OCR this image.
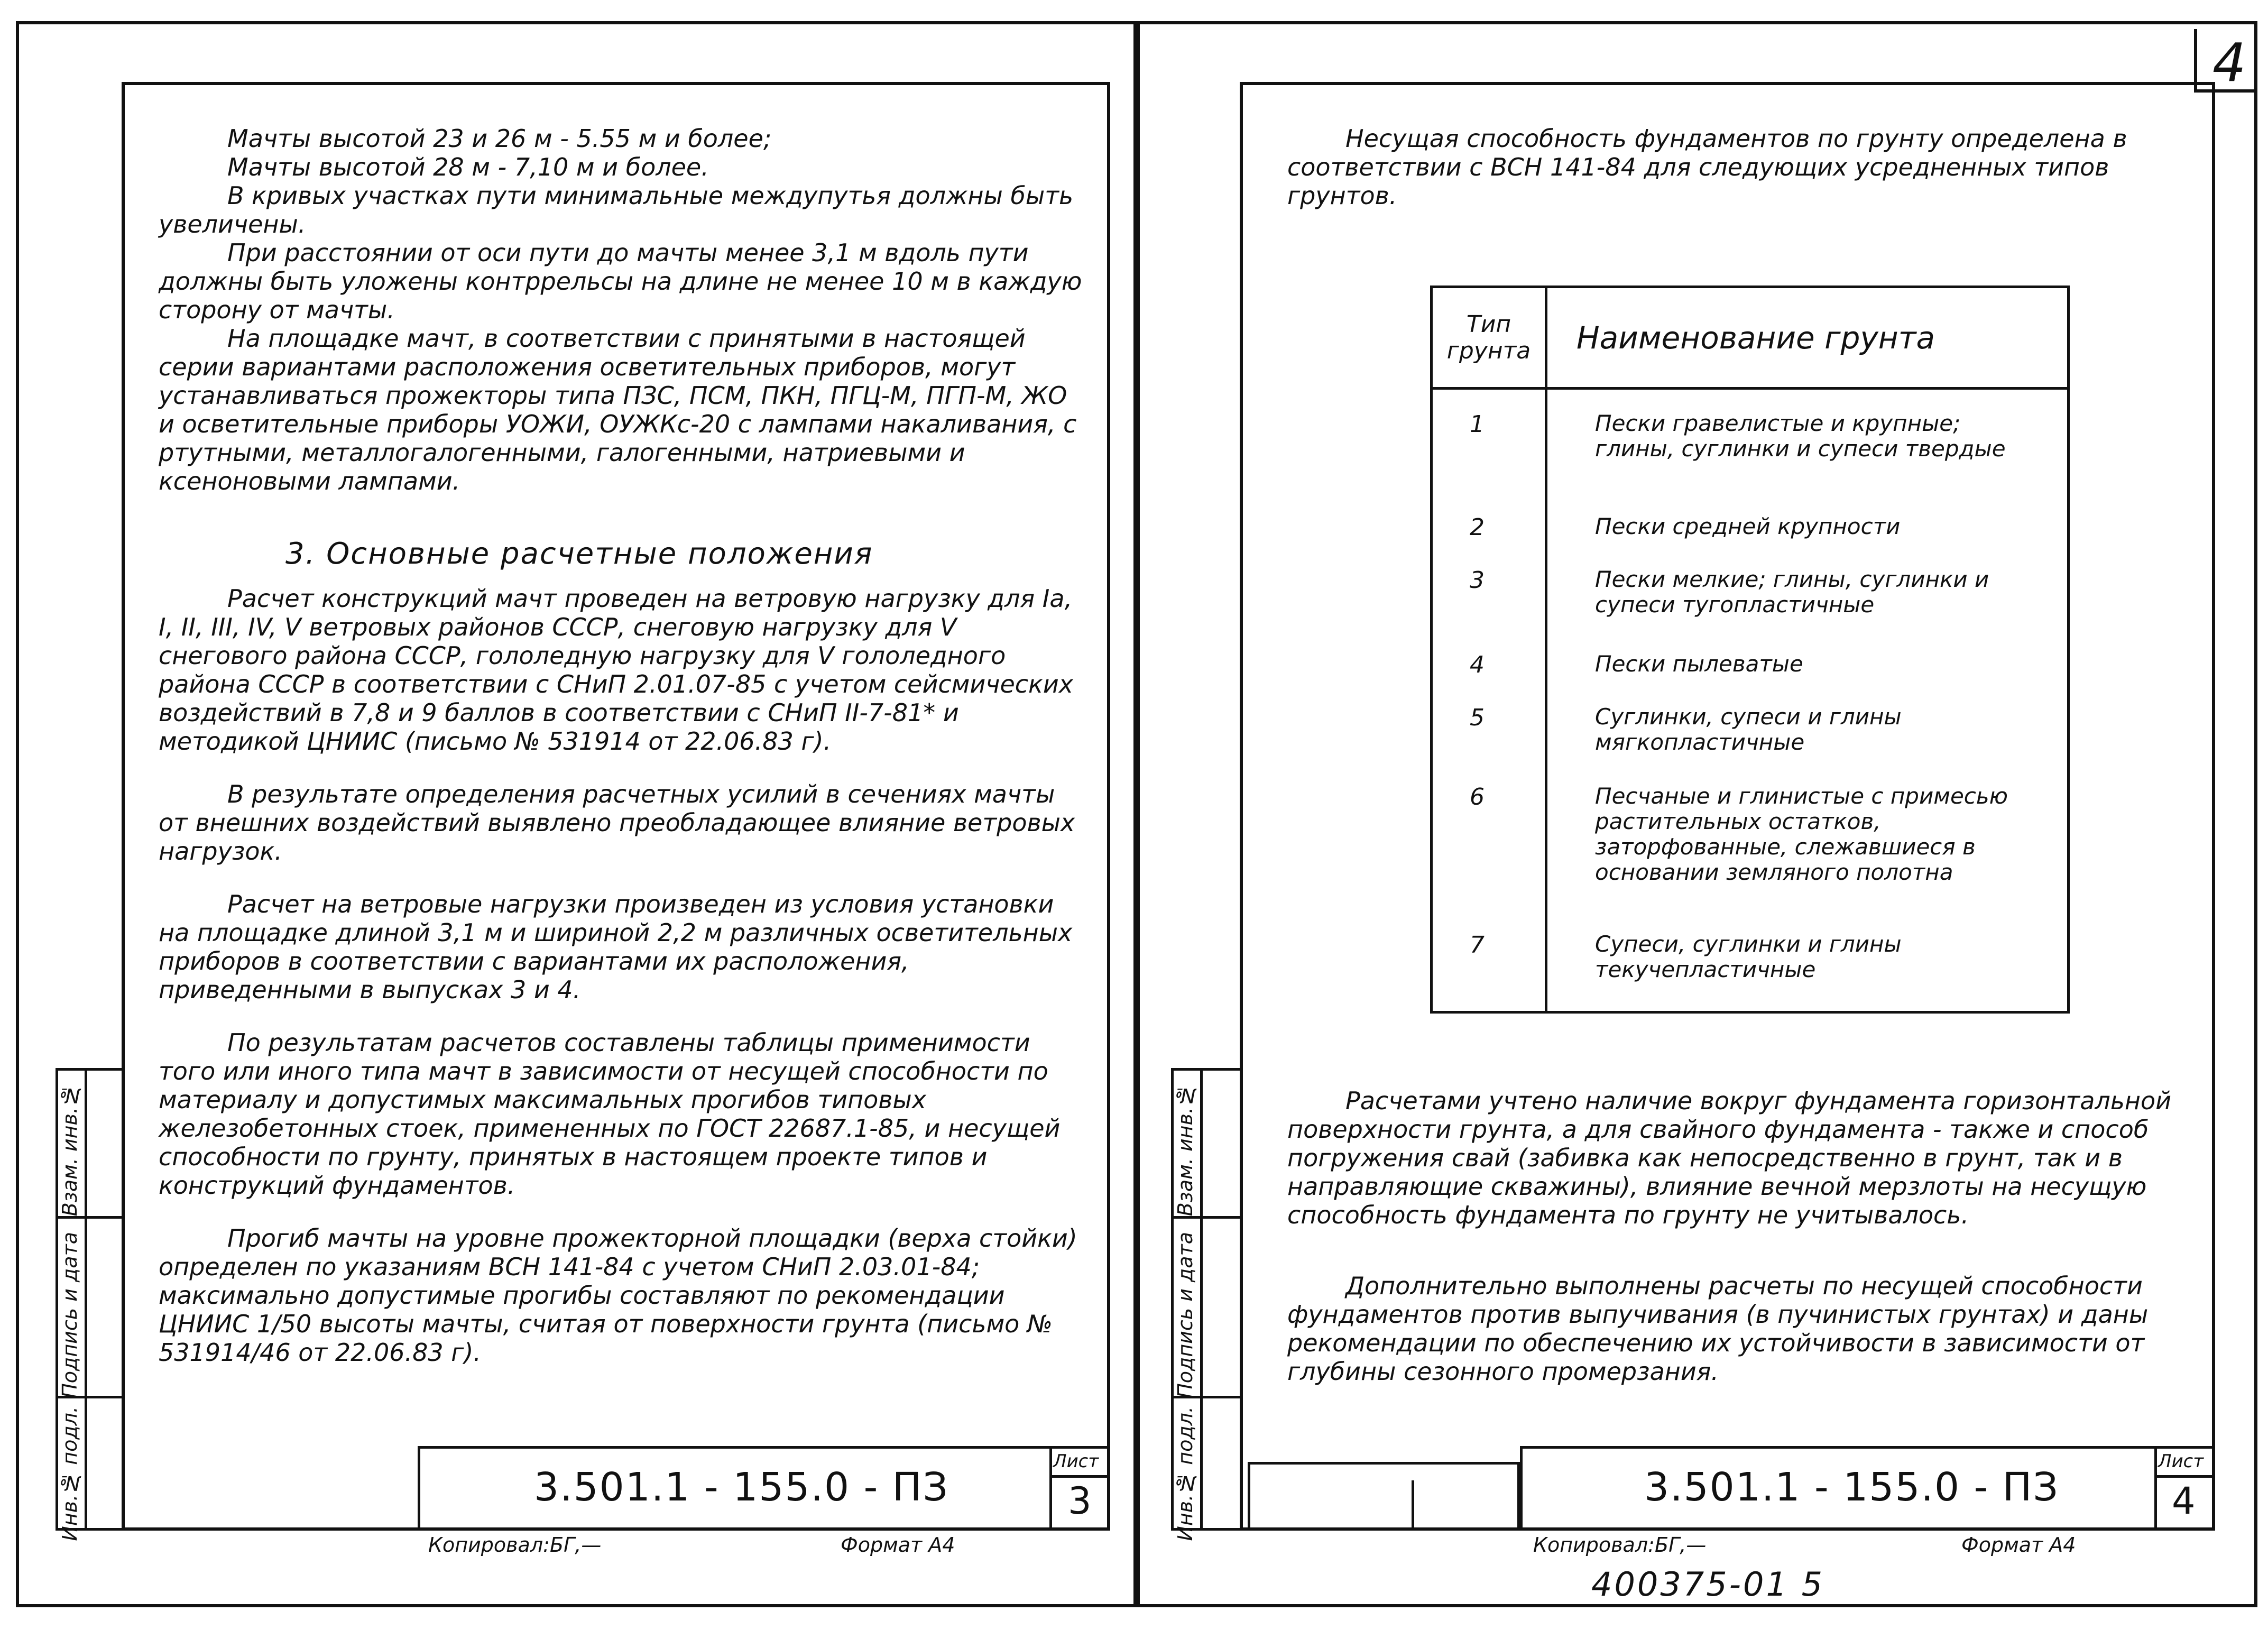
4

Мачты высотой 23 и 26 м - 5.55 м и более;

Мачты высотой 28 м - 7,10 м и более.

В кривых участках пути минимальные междупутья должны быть увеличены.

При расстоянии от оси пути до мачты менее 3,1 м вдоль пути должны быть уложены контррельсы на длине не менее 10 м в каждую сторону от мачты.

На площадке мачт, в соответствии с принятыми в настоящей серии вариантами расположения осветительных приборов, могут устанавливаться прожекторы типа ПЗС, ПСМ, ПКН, ПГЦ-М, ПГП-М, ЖО и осветительные приборы УОЖИ, ОУЖКс-20 с лампами накаливания, с ртутными, металлогалогенными, галогенными, натриевыми и ксеноновыми лампами.

3. Основные расчетные положения

Расчет конструкций мачт проведен на ветровую нагрузку для Iа, I, II, III, IV, V ветровых районов СССР, снеговую нагрузку для V снегового района СССР, гололедную нагрузку для V гололедного района СССР в соответствии с СНиП 2.01.07-85 с учетом сейсмических воздействий в 7,8 и 9 баллов в соответствии с СНиП II-7-81* и методикой ЦНИИС (письмо № 531914 от 22.06.83 г).

В результате определения расчетных усилий в сечениях мачты от внешних воздействий выявлено преобладающее влияние ветровых нагрузок.

Расчет на ветровые нагрузки произведен из условия установки на площадке длиной 3,1 м и шириной 2,2 м различных осветительных приборов в соответствии с вариантами их расположения, приведенными в выпусках 3 и 4.

По результатам расчетов составлены таблицы применимости того или иного типа мачт в зависимости от несущей способности по материалу и допустимых максимальных прогибов типовых железобетонных стоек, примененных по ГОСТ 22687.1-85, и несущей способности по грунту, принятых в настоящем проекте типов и конструкций фундаментов.

Прогиб мачты на уровне прожекторной площадки (верха стойки) определен по указаниям ВСН 141-84 с учетом СНиП 2.03.01-84; максимально допустимые прогибы составляют по рекомендации ЦНИИС 1/50 высоты мачты, считая от поверхности грунта (письмо № 531914/46 от 22.06.83 г).

Инв.№ подл.
Подпись и дата
Взам. инв.№
3.501.1 - 155.0 - ПЗ
Лист
3
Копировал: БГ,—	Формат А4
Несущая способность фундаментов по грунту определена в соответствии с ВСН 141-84 для следующих усредненных типов грунтов.
Тип грунта	Наименование грунта
1	Пески гравелистые и крупные; глины, суглинки и супеси твердые
2	Пески средней крупности
3	Пески мелкие; глины, суглинки и супеси тугопластичные
4	Пески пылеватые
5	Суглинки, супеси и глины мягкопластичные
6	Песчаные и глинистые с примесью растительных остатков, заторфованные, слежавшиеся в основании земляного полотна
7	Супеси, суглинки и глины текучепластичные
Расчетами учтено наличие вокруг фундамента горизонтальной поверхности грунта, а для свайного фундамента - также и способ погружения свай (забивка как непосредственно в грунт, так и в направляющие скважины), влияние вечной мерзлоты на несущую способность фундамента по грунту не учитывалось.
Дополнительно выполнены расчеты по несущей способности фундаментов против выпучивания (в пучинистых грунтах) и даны рекомендации по обеспечению их устойчивости в зависимости от глубины сезонного промерзания.
Инв.№ подл.
Подпись и дата
Взам. инв.№
3.501.1 - 155.0 - ПЗ
Лист
4
Копировал: БГ,—	Формат А4
400375-01 5
